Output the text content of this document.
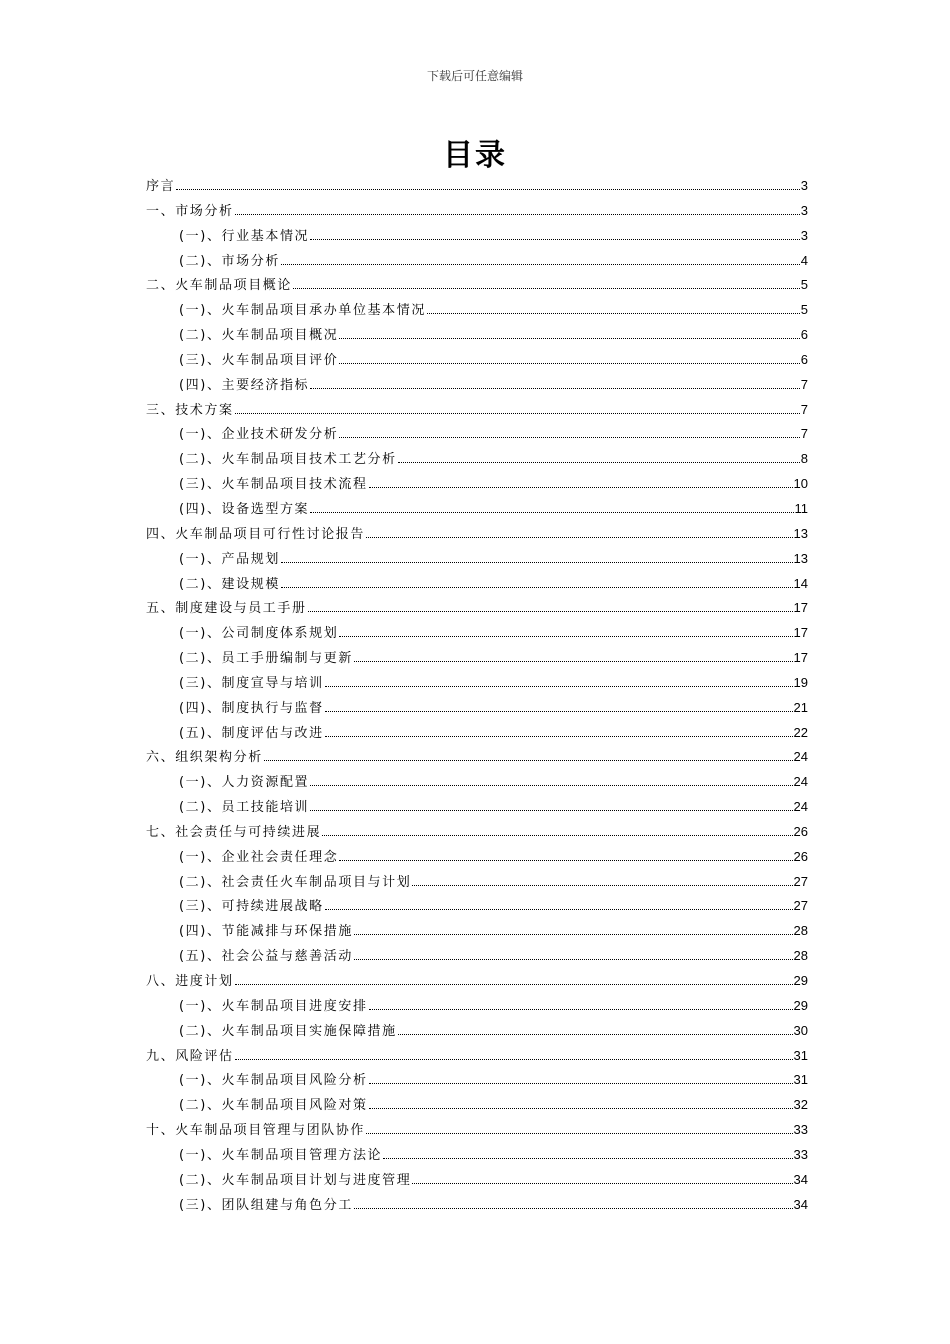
下载后可任意编辑
目录
序言	3
一、市场分析	3
(一)、行业基本情况	3
(二)、市场分析	4
二、火车制品项目概论	5
(一)、火车制品项目承办单位基本情况	5
(二)、火车制品项目概况	6
(三)、火车制品项目评价	6
(四)、主要经济指标	7
三、技术方案	7
(一)、企业技术研发分析	7
(二)、火车制品项目技术工艺分析	8
(三)、火车制品项目技术流程	10
(四)、设备选型方案	11
四、火车制品项目可行性讨论报告	13
(一)、产品规划	13
(二)、建设规模	14
五、制度建设与员工手册	17
(一)、公司制度体系规划	17
(二)、员工手册编制与更新	17
(三)、制度宣导与培训	19
(四)、制度执行与监督	21
(五)、制度评估与改进	22
六、组织架构分析	24
(一)、人力资源配置	24
(二)、员工技能培训	24
七、社会责任与可持续进展	26
(一)、企业社会责任理念	26
(二)、社会责任火车制品项目与计划	27
(三)、可持续进展战略	27
(四)、节能减排与环保措施	28
(五)、社会公益与慈善活动	28
八、进度计划	29
(一)、火车制品项目进度安排	29
(二)、火车制品项目实施保障措施	30
九、风险评估	31
(一)、火车制品项目风险分析	31
(二)、火车制品项目风险对策	32
十、火车制品项目管理与团队协作	33
(一)、火车制品项目管理方法论	33
(二)、火车制品项目计划与进度管理	34
(三)、团队组建与角色分工	34
